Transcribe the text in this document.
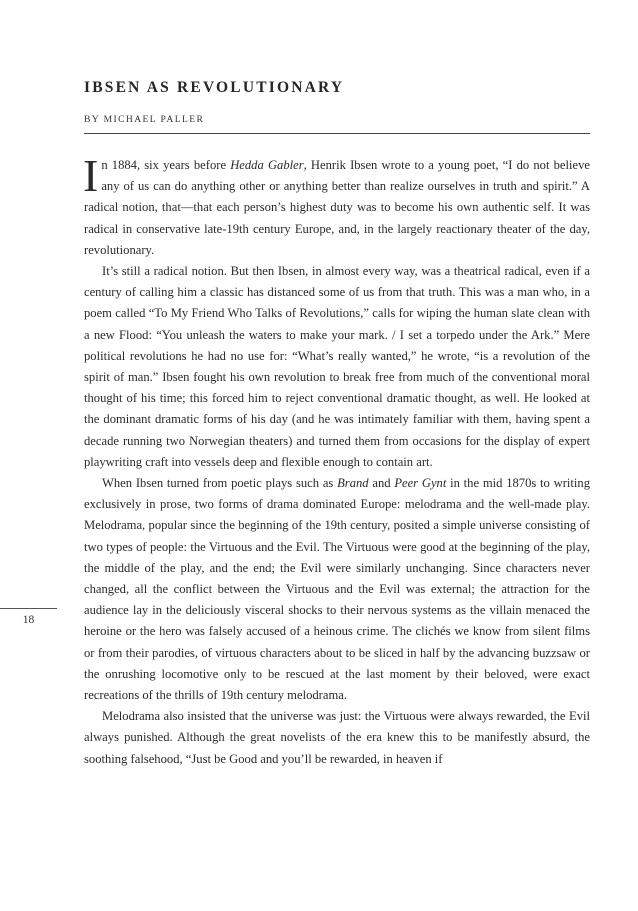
IBSEN AS REVOLUTIONARY
BY MICHAEL PALLER
18

In 1884, six years before Hedda Gabler, Henrik Ibsen wrote to a young poet, “I do not believe any of us can do anything other or anything better than realize ourselves in truth and spirit.” A radical notion, that—that each person’s highest duty was to become his own authentic self. It was radical in conservative late-19th century Europe, and, in the largely reactionary theater of the day, revolutionary.

It’s still a radical notion. But then Ibsen, in almost every way, was a theatrical radical, even if a century of calling him a classic has distanced some of us from that truth. This was a man who, in a poem called “To My Friend Who Talks of Revolutions,” calls for wiping the human slate clean with a new Flood: “You unleash the waters to make your mark. / I set a torpedo under the Ark.” Mere political revolutions he had no use for: “What’s really wanted,” he wrote, “is a revolution of the spirit of man.” Ibsen fought his own revolution to break free from much of the conventional moral thought of his time; this forced him to reject conventional dramatic thought, as well. He looked at the dominant dramatic forms of his day (and he was intimately familiar with them, having spent a decade running two Norwegian theaters) and turned them from occasions for the display of expert playwriting craft into vessels deep and flexible enough to contain art.

When Ibsen turned from poetic plays such as Brand and Peer Gynt in the mid 1870s to writing exclusively in prose, two forms of drama dominated Europe: melodrama and the well-made play. Melodrama, popular since the beginning of the 19th century, posited a simple universe consisting of two types of people: the Virtuous and the Evil. The Virtuous were good at the beginning of the play, the middle of the play, and the end; the Evil were similarly unchanging. Since characters never changed, all the conflict between the Virtuous and the Evil was external; the attraction for the audience lay in the deliciously visceral shocks to their nervous systems as the villain menaced the heroine or the hero was falsely accused of a heinous crime. The clichés we know from silent films or from their parodies, of virtuous characters about to be sliced in half by the advancing buzzsaw or the onrushing locomotive only to be rescued at the last moment by their beloved, were exact recreations of the thrills of 19th century melodrama.

Melodrama also insisted that the universe was just: the Virtuous were always rewarded, the Evil always punished. Although the great novelists of the era knew this to be manifestly absurd, the soothing falsehood, “Just be Good and you’ll be rewarded, in heaven if
